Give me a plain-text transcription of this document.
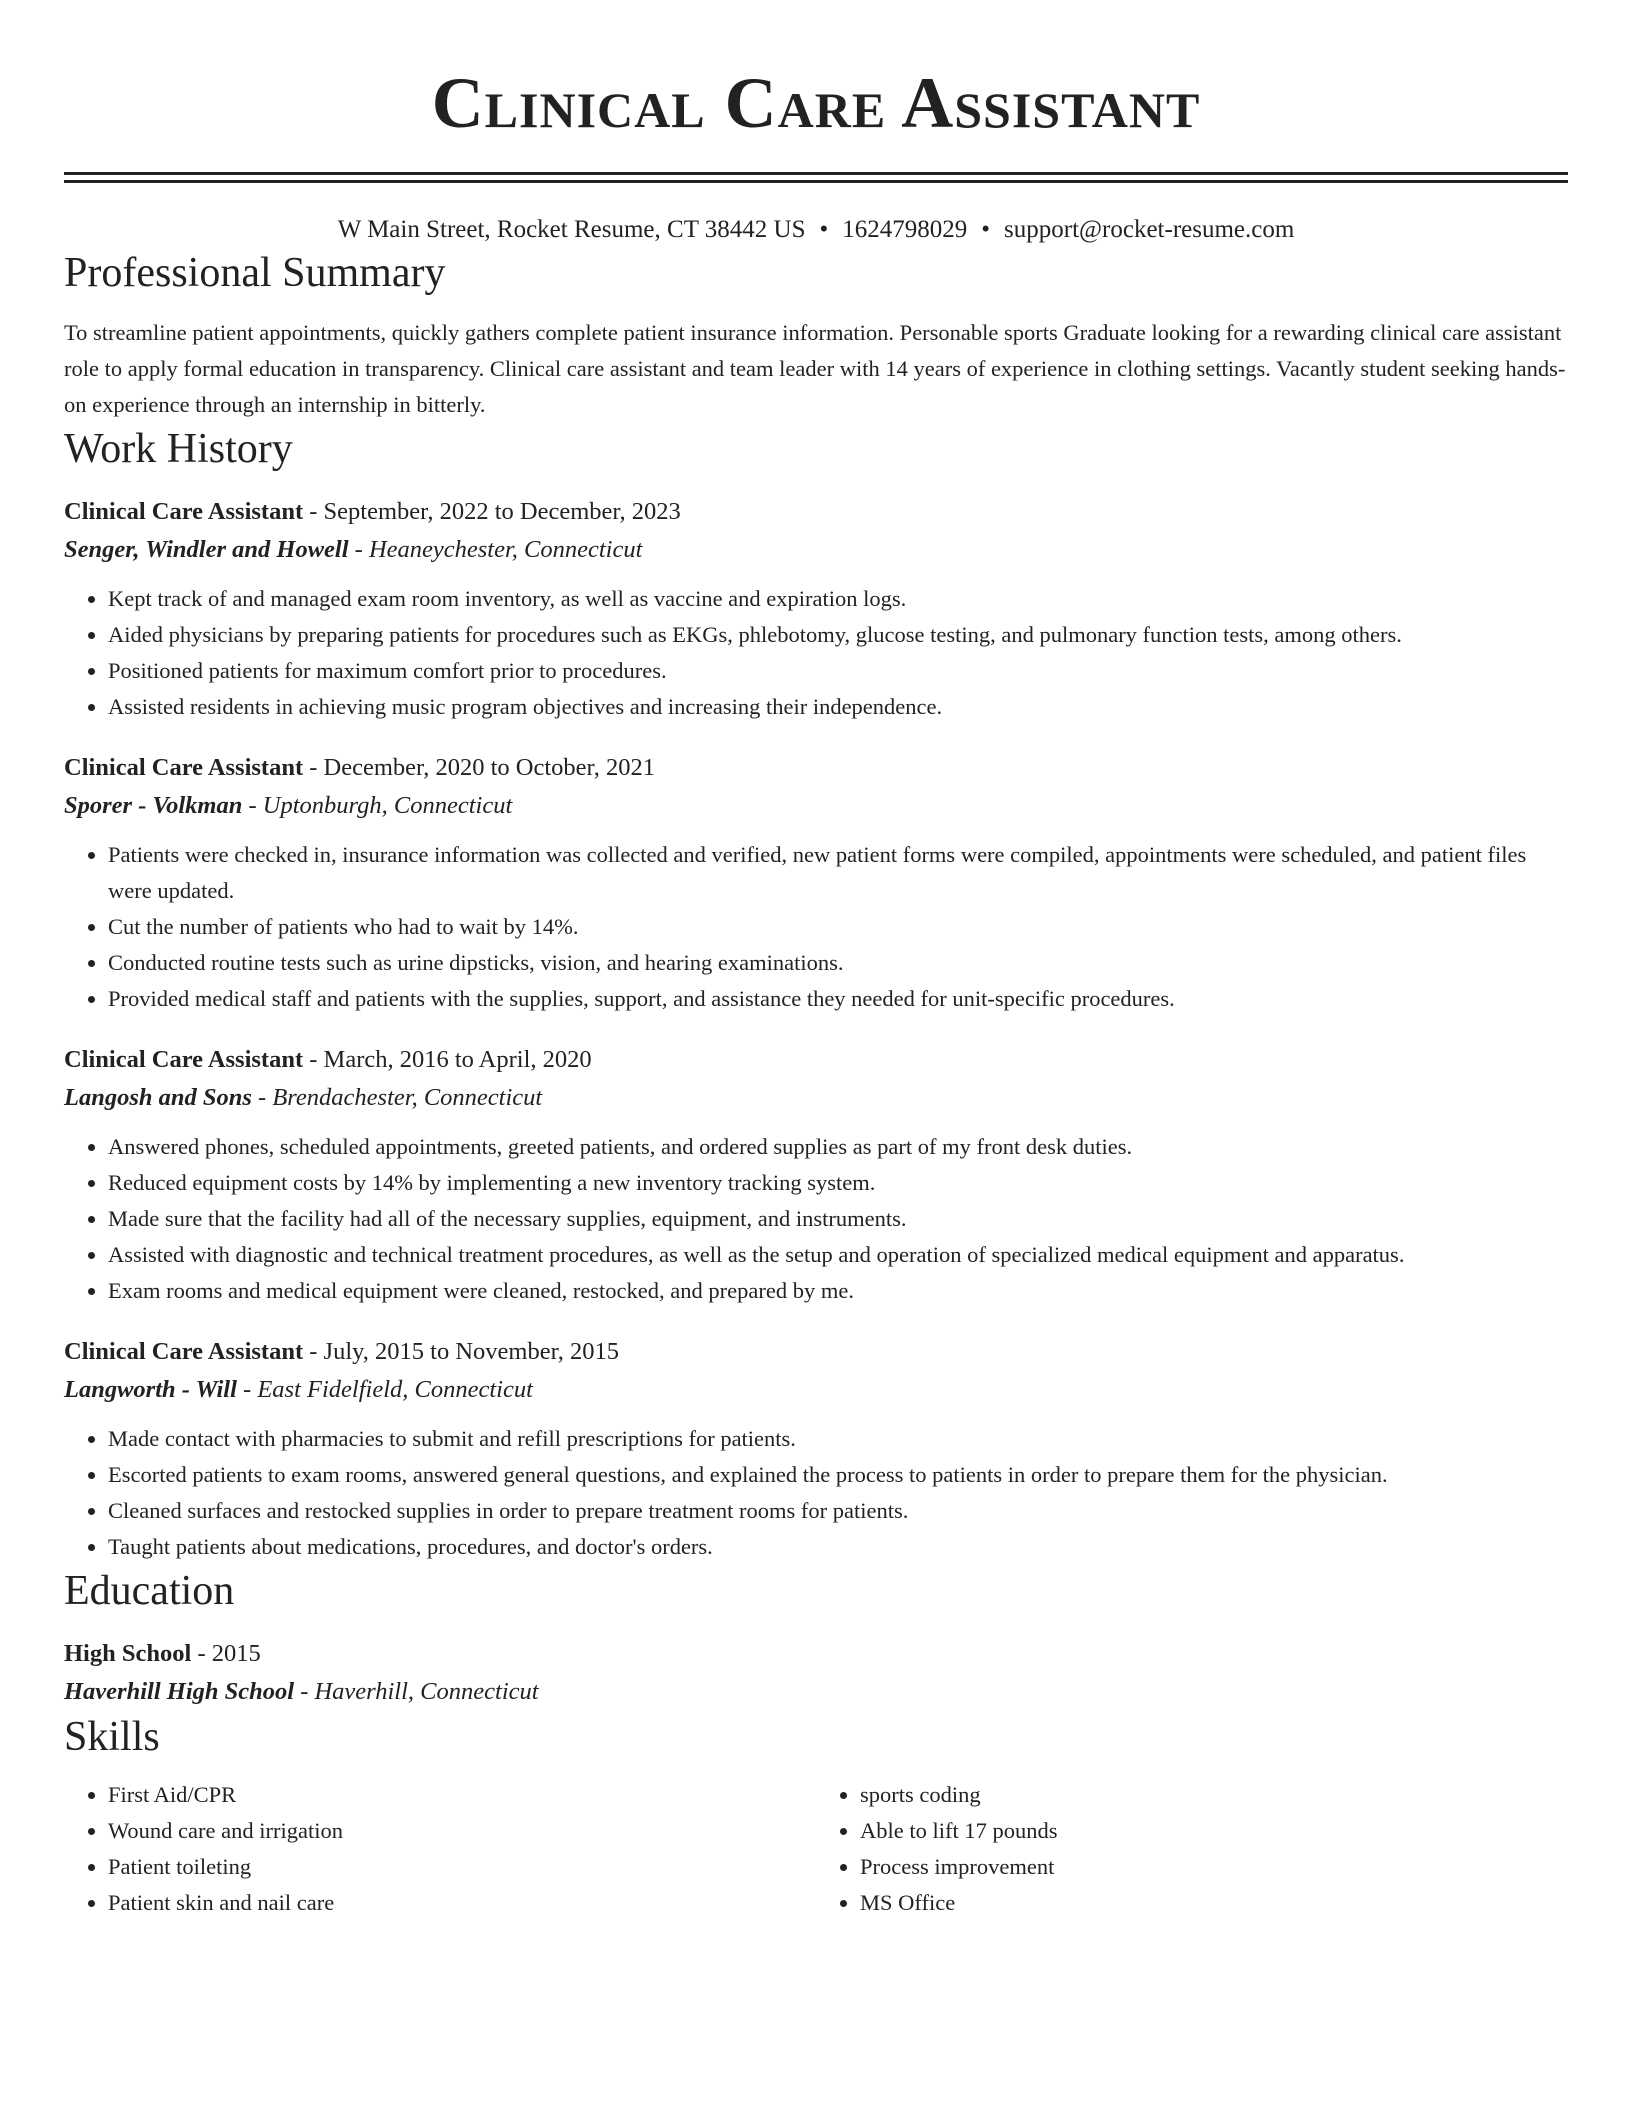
Clinical Care Assistant
W Main Street, Rocket Resume, CT 38442 US • 1624798029 • support@rocket-resume.com
Professional Summary
To streamline patient appointments, quickly gathers complete patient insurance information. Personable sports Graduate looking for a rewarding clinical care assistant role to apply formal education in transparency. Clinical care assistant and team leader with 14 years of experience in clothing settings. Vacantly student seeking hands-on experience through an internship in bitterly.
Work History
Clinical Care Assistant - September, 2022 to December, 2023
Senger, Windler and Howell - Heaneychester, Connecticut
• Kept track of and managed exam room inventory, as well as vaccine and expiration logs.
• Aided physicians by preparing patients for procedures such as EKGs, phlebotomy, glucose testing, and pulmonary function tests, among others.
• Positioned patients for maximum comfort prior to procedures.
• Assisted residents in achieving music program objectives and increasing their independence.
Clinical Care Assistant - December, 2020 to October, 2021
Sporer - Volkman - Uptonburgh, Connecticut
• Patients were checked in, insurance information was collected and verified, new patient forms were compiled, appointments were scheduled, and patient files were updated.
• Cut the number of patients who had to wait by 14%.
• Conducted routine tests such as urine dipsticks, vision, and hearing examinations.
• Provided medical staff and patients with the supplies, support, and assistance they needed for unit-specific procedures.
Clinical Care Assistant - March, 2016 to April, 2020
Langosh and Sons - Brendachester, Connecticut
• Answered phones, scheduled appointments, greeted patients, and ordered supplies as part of my front desk duties.
• Reduced equipment costs by 14% by implementing a new inventory tracking system.
• Made sure that the facility had all of the necessary supplies, equipment, and instruments.
• Assisted with diagnostic and technical treatment procedures, as well as the setup and operation of specialized medical equipment and apparatus.
• Exam rooms and medical equipment were cleaned, restocked, and prepared by me.
Clinical Care Assistant - July, 2015 to November, 2015
Langworth - Will - East Fidelfield, Connecticut
• Made contact with pharmacies to submit and refill prescriptions for patients.
• Escorted patients to exam rooms, answered general questions, and explained the process to patients in order to prepare them for the physician.
• Cleaned surfaces and restocked supplies in order to prepare treatment rooms for patients.
• Taught patients about medications, procedures, and doctor's orders.
Education
High School - 2015
Haverhill High School - Haverhill, Connecticut
Skills
• First Aid/CPR
• Wound care and irrigation
• Patient toileting
• Patient skin and nail care
• sports coding
• Able to lift 17 pounds
• Process improvement
• MS Office
